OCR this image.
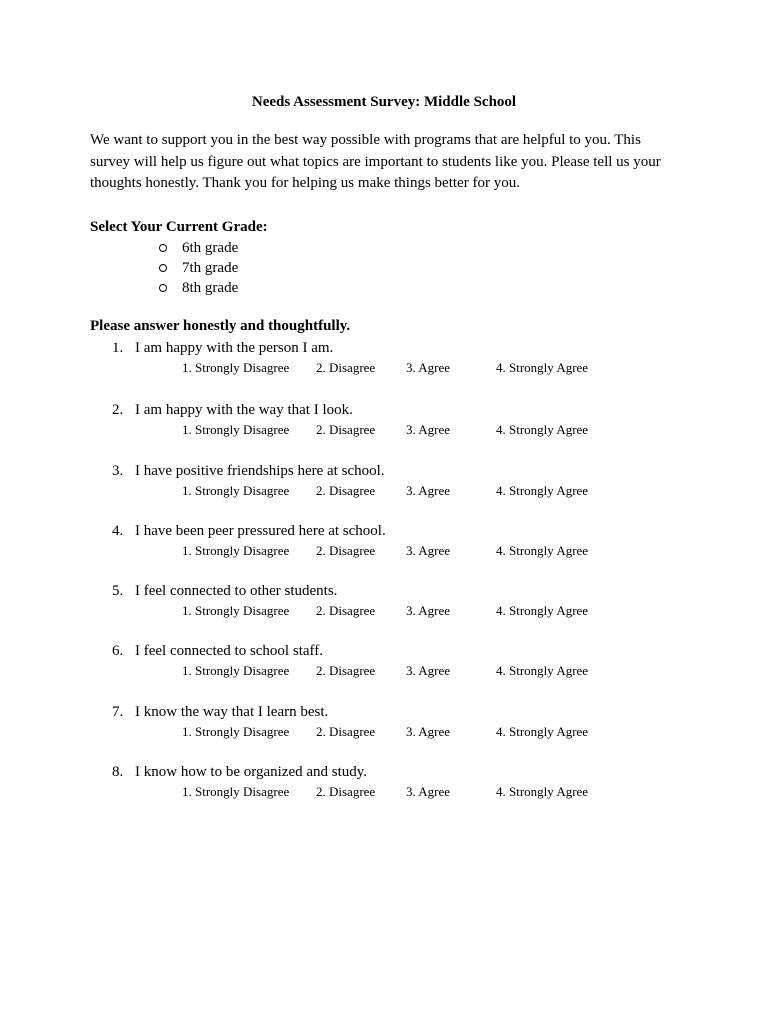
Needs Assessment Survey: Middle School

We want to support you in the best way possible with programs that are helpful to you. This survey will help us figure out what topics are important to students like you. Please tell us your thoughts honestly. Thank you for helping us make things better for you.

Select Your Current Grade:
6th grade
7th grade
8th grade
Please answer honestly and thoughtfully.
1. I am happy with the person I am.
1. Strongly Disagree 2. Disagree 3. Agree	4. Strongly Agree
2. I am happy with the way that I look.
1. Strongly Disagree 2. Disagree 3. Agree	4. Strongly Agree
3. I have positive friendships here at school.
1. Strongly Disagree 2. Disagree 3. Agree	4. Strongly Agree
4. I have been peer pressured here at school.
1. Strongly Disagree 2. Disagree 3. Agree	4. Strongly Agree
5. I feel connected to other students.
1. Strongly Disagree 2. Disagree 3. Agree	4. Strongly Agree
6. I feel connected to school staff.
1. Strongly Disagree 2. Disagree 3. Agree	4. Strongly Agree
7. I know the way that I learn best.
1. Strongly Disagree 2. Disagree 3. Agree	4. Strongly Agree
8. I know how to be organized and study.
1. Strongly Disagree 2. Disagree 3. Agree	4. Strongly Agree
